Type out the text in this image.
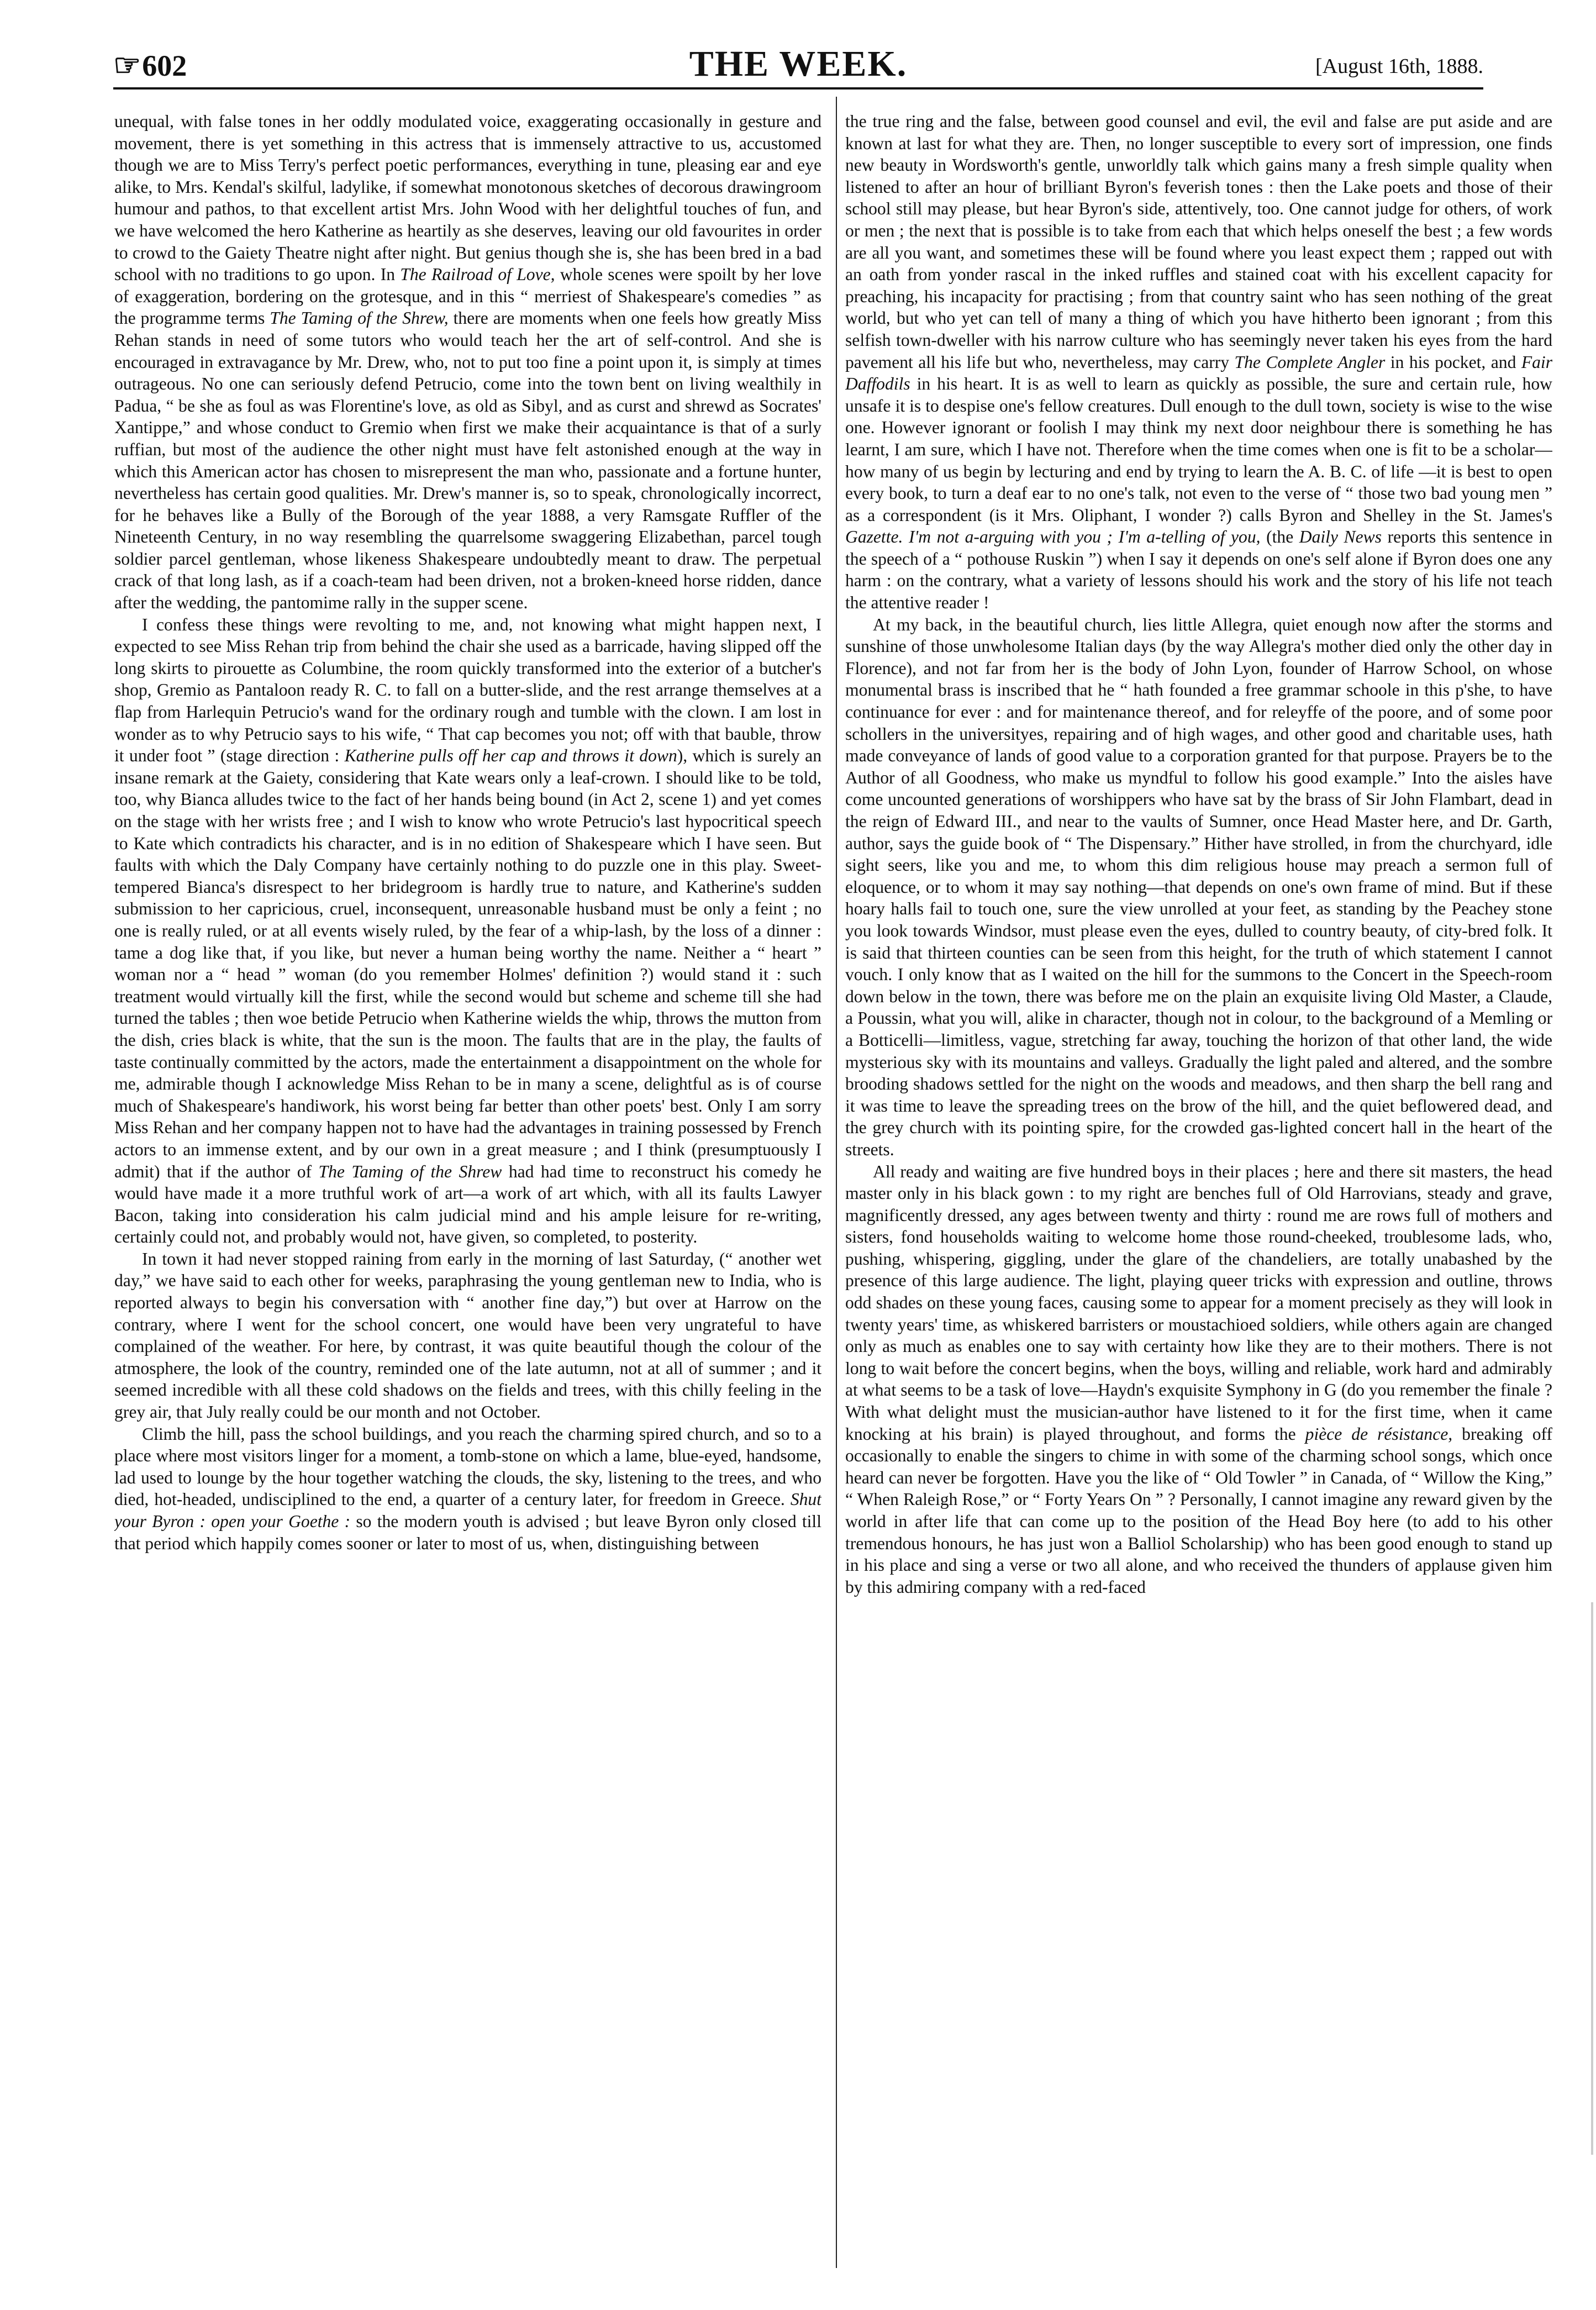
☞602	THE WEEK.	[August 16th, 1888.

unequal, with false tones in her oddly modulated voice, exaggerating occasionally in gesture and movement, there is yet something in this actress that is immensely attractive to us, accustomed though we are to Miss Terry's perfect poetic performances, everything in tune, pleasing ear and eye alike, to Mrs. Kendal's skilful, ladylike, if somewhat monotonous sketches of decorous drawingroom humour and pathos, to that excellent artist Mrs. John Wood with her delightful touches of fun, and we have welcomed the hero Katherine as heartily as she deserves, leaving our old favourites in order to crowd to the Gaiety Theatre night after night. But genius though she is, she has been bred in a bad school with no traditions to go upon. In The Railroad of Love, whole scenes were spoilt by her love of exaggeration, bordering on the grotesque, and in this “ merriest of Shakespeare's comedies ” as the programme terms The Taming of the Shrew, there are moments when one feels how greatly Miss Rehan stands in need of some tutors who would teach her the art of self-control. And she is encouraged in extravagance by Mr. Drew, who, not to put too fine a point upon it, is simply at times outrageous. No one can seriously defend Petrucio, come into the town bent on living wealthily in Padua, “ be she as foul as was Florentine's love, as old as Sibyl, and as curst and shrewd as Socrates' Xantippe,” and whose conduct to Gremio when first we make their acquaintance is that of a surly ruffian, but most of the audience the other night must have felt astonished enough at the way in which this American actor has chosen to misrepresent the man who, passionate and a fortune hunter, nevertheless has certain good qualities. Mr. Drew's manner is, so to speak, chronologically incorrect, for he behaves like a Bully of the Borough of the year 1888, a very Ramsgate Ruffler of the Nineteenth Century, in no way resembling the quarrelsome swaggering Elizabethan, parcel tough soldier parcel gentleman, whose likeness Shakespeare undoubtedly meant to draw. The perpetual crack of that long lash, as if a coach-team had been driven, not a broken-kneed horse ridden, dance after the wedding, the pantomime rally in the supper scene.

I confess these things were revolting to me, and, not knowing what might happen next, I expected to see Miss Rehan trip from behind the chair she used as a barricade, having slipped off the long skirts to pirouette as Columbine, the room quickly transformed into the exterior of a butcher's shop, Gremio as Pantaloon ready R. C. to fall on a butter-slide, and the rest arrange themselves at a flap from Harlequin Petrucio's wand for the ordinary rough and tumble with the clown. I am lost in wonder as to why Petrucio says to his wife, “ That cap becomes you not; off with that bauble, throw it under foot ” (stage direction : Katherine pulls off her cap and throws it down), which is surely an insane remark at the Gaiety, considering that Kate wears only a leaf-crown. I should like to be told, too, why Bianca alludes twice to the fact of her hands being bound (in Act 2, scene 1) and yet comes on the stage with her wrists free ; and I wish to know who wrote Petrucio's last hypocritical speech to Kate which contradicts his character, and is in no edition of Shakespeare which I have seen. But faults with which the Daly Company have certainly nothing to do puzzle one in this play. Sweet-tempered Bianca's disrespect to her bridegroom is hardly true to nature, and Katherine's sudden submission to her capricious, cruel, inconsequent, unreasonable husband must be only a feint ; no one is really ruled, or at all events wisely ruled, by the fear of a whip-lash, by the loss of a dinner : tame a dog like that, if you like, but never a human being worthy the name. Neither a “ heart ” woman nor a “ head ” woman (do you remember Holmes' definition ?) would stand it : such treatment would virtually kill the first, while the second would but scheme and scheme till she had turned the tables ; then woe betide Petrucio when Katherine wields the whip, throws the mutton from the dish, cries black is white, that the sun is the moon. The faults that are in the play, the faults of taste continually committed by the actors, made the entertainment a disappointment on the whole for me, admirable though I acknowledge Miss Rehan to be in many a scene, delightful as is of course much of Shakespeare's handiwork, his worst being far better than other poets' best. Only I am sorry Miss Rehan and her company happen not to have had the advantages in training possessed by French actors to an immense extent, and by our own in a great measure ; and I think (presumptuously I admit) that if the author of The Taming of the Shrew had had time to reconstruct his comedy he would have made it a more truthful work of art—a work of art which, with all its faults Lawyer Bacon, taking into consideration his calm judicial mind and his ample leisure for re-writing, certainly could not, and probably would not, have given, so completed, to posterity.

In town it had never stopped raining from early in the morning of last Saturday, (“ another wet day,” we have said to each other for weeks, paraphrasing the young gentleman new to India, who is reported always to begin his conversation with “ another fine day,”) but over at Harrow on the contrary, where I went for the school concert, one would have been very ungrateful to have complained of the weather. For here, by contrast, it was quite beautiful though the colour of the atmosphere, the look of the country, reminded one of the late autumn, not at all of summer ; and it seemed incredible with all these cold shadows on the fields and trees, with this chilly feeling in the grey air, that July really could be our month and not October.

Climb the hill, pass the school buildings, and you reach the charming spired church, and so to a place where most visitors linger for a moment, a tomb-stone on which a lame, blue-eyed, handsome, lad used to lounge by the hour together watching the clouds, the sky, listening to the trees, and who died, hot-headed, undisciplined to the end, a quarter of a century later, for freedom in Greece. Shut your Byron : open your Goethe : so the modern youth is advised ; but leave Byron only closed till that period which happily comes sooner or later to most of us, when, distinguishing between

the true ring and the false, between good counsel and evil, the evil and false are put aside and are known at last for what they are. Then, no longer susceptible to every sort of impression, one finds new beauty in Wordsworth's gentle, unworldly talk which gains many a fresh simple quality when listened to after an hour of brilliant Byron's feverish tones : then the Lake poets and those of their school still may please, but hear Byron's side, attentively, too. One cannot judge for others, of work or men ; the next that is possible is to take from each that which helps oneself the best ; a few words are all you want, and sometimes these will be found where you least expect them ; rapped out with an oath from yonder rascal in the inked ruffles and stained coat with his excellent capacity for preaching, his incapacity for practising ; from that country saint who has seen nothing of the great world, but who yet can tell of many a thing of which you have hitherto been ignorant ; from this selfish town-dweller with his narrow culture who has seemingly never taken his eyes from the hard pavement all his life but who, nevertheless, may carry The Complete Angler in his pocket, and Fair Daffodils in his heart. It is as well to learn as quickly as possible, the sure and certain rule, how unsafe it is to despise one's fellow creatures. Dull enough to the dull town, society is wise to the wise one. However ignorant or foolish I may think my next door neighbour there is something he has learnt, I am sure, which I have not. Therefore when the time comes when one is fit to be a scholar—how many of us begin by lecturing and end by trying to learn the A. B. C. of life —it is best to open every book, to turn a deaf ear to no one's talk, not even to the verse of “ those two bad young men ” as a correspondent (is it Mrs. Oliphant, I wonder ?) calls Byron and Shelley in the St. James's Gazette. I'm not a-arguing with you ; I'm a-telling of you, (the Daily News reports this sentence in the speech of a “ pothouse Ruskin ”) when I say it depends on one's self alone if Byron does one any harm : on the contrary, what a variety of lessons should his work and the story of his life not teach the attentive reader !

At my back, in the beautiful church, lies little Allegra, quiet enough now after the storms and sunshine of those unwholesome Italian days (by the way Allegra's mother died only the other day in Florence), and not far from her is the body of John Lyon, founder of Harrow School, on whose monumental brass is inscribed that he “ hath founded a free grammar schoole in this p'she, to have continuance for ever : and for maintenance thereof, and for releyffe of the poore, and of some poor schollers in the universityes, repairing and of high wages, and other good and charitable uses, hath made conveyance of lands of good value to a corporation granted for that purpose. Prayers be to the Author of all Goodness, who make us myndful to follow his good example.” Into the aisles have come uncounted generations of worshippers who have sat by the brass of Sir John Flambart, dead in the reign of Edward III., and near to the vaults of Sumner, once Head Master here, and Dr. Garth, author, says the guide book of “ The Dispensary.” Hither have strolled, in from the churchyard, idle sight seers, like you and me, to whom this dim religious house may preach a sermon full of eloquence, or to whom it may say nothing—that depends on one's own frame of mind. But if these hoary halls fail to touch one, sure the view unrolled at your feet, as standing by the Peachey stone you look towards Windsor, must please even the eyes, dulled to country beauty, of city-bred folk. It is said that thirteen counties can be seen from this height, for the truth of which statement I cannot vouch. I only know that as I waited on the hill for the summons to the Concert in the Speech-room down below in the town, there was before me on the plain an exquisite living Old Master, a Claude, a Poussin, what you will, alike in character, though not in colour, to the background of a Memling or a Botticelli—limitless, vague, stretching far away, touching the horizon of that other land, the wide mysterious sky with its mountains and valleys. Gradually the light paled and altered, and the sombre brooding shadows settled for the night on the woods and meadows, and then sharp the bell rang and it was time to leave the spreading trees on the brow of the hill, and the quiet beflowered dead, and the grey church with its pointing spire, for the crowded gas-lighted concert hall in the heart of the streets.

All ready and waiting are five hundred boys in their places ; here and there sit masters, the head master only in his black gown : to my right are benches full of Old Harrovians, steady and grave, magnificently dressed, any ages between twenty and thirty : round me are rows full of mothers and sisters, fond households waiting to welcome home those round-cheeked, troublesome lads, who, pushing, whispering, giggling, under the glare of the chandeliers, are totally unabashed by the presence of this large audience. The light, playing queer tricks with expression and outline, throws odd shades on these young faces, causing some to appear for a moment precisely as they will look in twenty years' time, as whiskered barristers or moustachioed soldiers, while others again are changed only as much as enables one to say with certainty how like they are to their mothers. There is not long to wait before the concert begins, when the boys, willing and reliable, work hard and admirably at what seems to be a task of love—Haydn's exquisite Symphony in G (do you remember the finale ? With what delight must the musician-author have listened to it for the first time, when it came knocking at his brain) is played throughout, and forms the pièce de résistance, breaking off occasionally to enable the singers to chime in with some of the charming school songs, which once heard can never be forgotten. Have you the like of “ Old Towler ” in Canada, of “ Willow the King,” “ When Raleigh Rose,” or “ Forty Years On ” ? Personally, I cannot imagine any reward given by the world in after life that can come up to the position of the Head Boy here (to add to his other tremendous honours, he has just won a Balliol Scholarship) who has been good enough to stand up in his place and sing a verse or two all alone, and who received the thunders of applause given him by this admiring company with a red-faced
